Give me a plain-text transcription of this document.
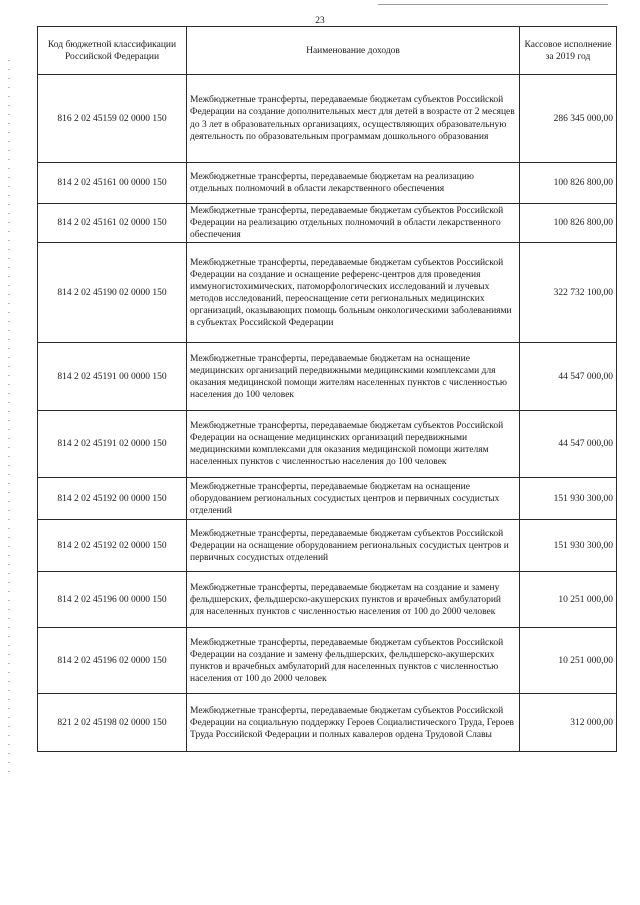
23
Код бюджетной классификации Российской Федерации	Наименование доходов	Кассовое исполнение за 2019 год
816 2 02 45159 02 0000 150	Межбюджетные трансферты, передаваемые бюджетам субъектов Российской Федерации на создание дополнительных мест для детей в возрасте от 2 месяцев до 3 лет в образовательных организациях, осуществляющих образовательную деятельность по образовательным программам дошкольного образования	286 345 000,00
814 2 02 45161 00 0000 150	Межбюджетные трансферты, передаваемые бюджетам на реализацию отдельных полномочий в области лекарственного обеспечения	100 826 800,00
814 2 02 45161 02 0000 150	Межбюджетные трансферты, передаваемые бюджетам субъектов Российской Федерации на реализацию отдельных полномочий в области лекарственного обеспечения	100 826 800,00
814 2 02 45190 02 0000 150	Межбюджетные трансферты, передаваемые бюджетам субъектов Российской Федерации на создание и оснащение референс-центров для проведения иммуногистохимических, патоморфологических исследований и лучевых методов исследований, переоснащение сети региональных медицинских организаций, оказывающих помощь больным онкологическими заболеваниями в субъектах Российской Федерации	322 732 100,00
814 2 02 45191 00 0000 150	Межбюджетные трансферты, передаваемые бюджетам на оснащение медицинских организаций передвижными медицинскими комплексами для оказания медицинской помощи жителям населенных пунктов с численностью населения до 100 человек	44 547 000,00
814 2 02 45191 02 0000 150	Межбюджетные трансферты, передаваемые бюджетам субъектов Российской Федерации на оснащение медицинских организаций передвижными медицинскими комплексами для оказания медицинской помощи жителям населенных пунктов с численностью населения до 100 человек	44 547 000,00
814 2 02 45192 00 0000 150	Межбюджетные трансферты, передаваемые бюджетам на оснащение оборудованием региональных сосудистых центров и первичных сосудистых отделений	151 930 300,00
814 2 02 45192 02 0000 150	Межбюджетные трансферты, передаваемые бюджетам субъектов Российской Федерации на оснащение оборудованием региональных сосудистых центров и первичных сосудистых отделений	151 930 300,00
814 2 02 45196 00 0000 150	Межбюджетные трансферты, передаваемые бюджетам на создание и замену фельдшерских, фельдшерско-акушерских пунктов и врачебных амбулаторий для населенных пунктов с численностью населения от 100 до 2000 человек	10 251 000,00
814 2 02 45196 02 0000 150	Межбюджетные трансферты, передаваемые бюджетам субъектов Российской Федерации на создание и замену фельдшерских, фельдшерско-акушерских пунктов и врачебных амбулаторий для населенных пунктов с численностью населения от 100 до 2000 человек	10 251 000,00
821 2 02 45198 02 0000 150	Межбюджетные трансферты, передаваемые бюджетам субъектов Российской Федерации на социальную поддержку Героев Социалистического Труда, Героев Труда Российской Федерации и полных кавалеров ордена Трудовой Славы	312 000,00
